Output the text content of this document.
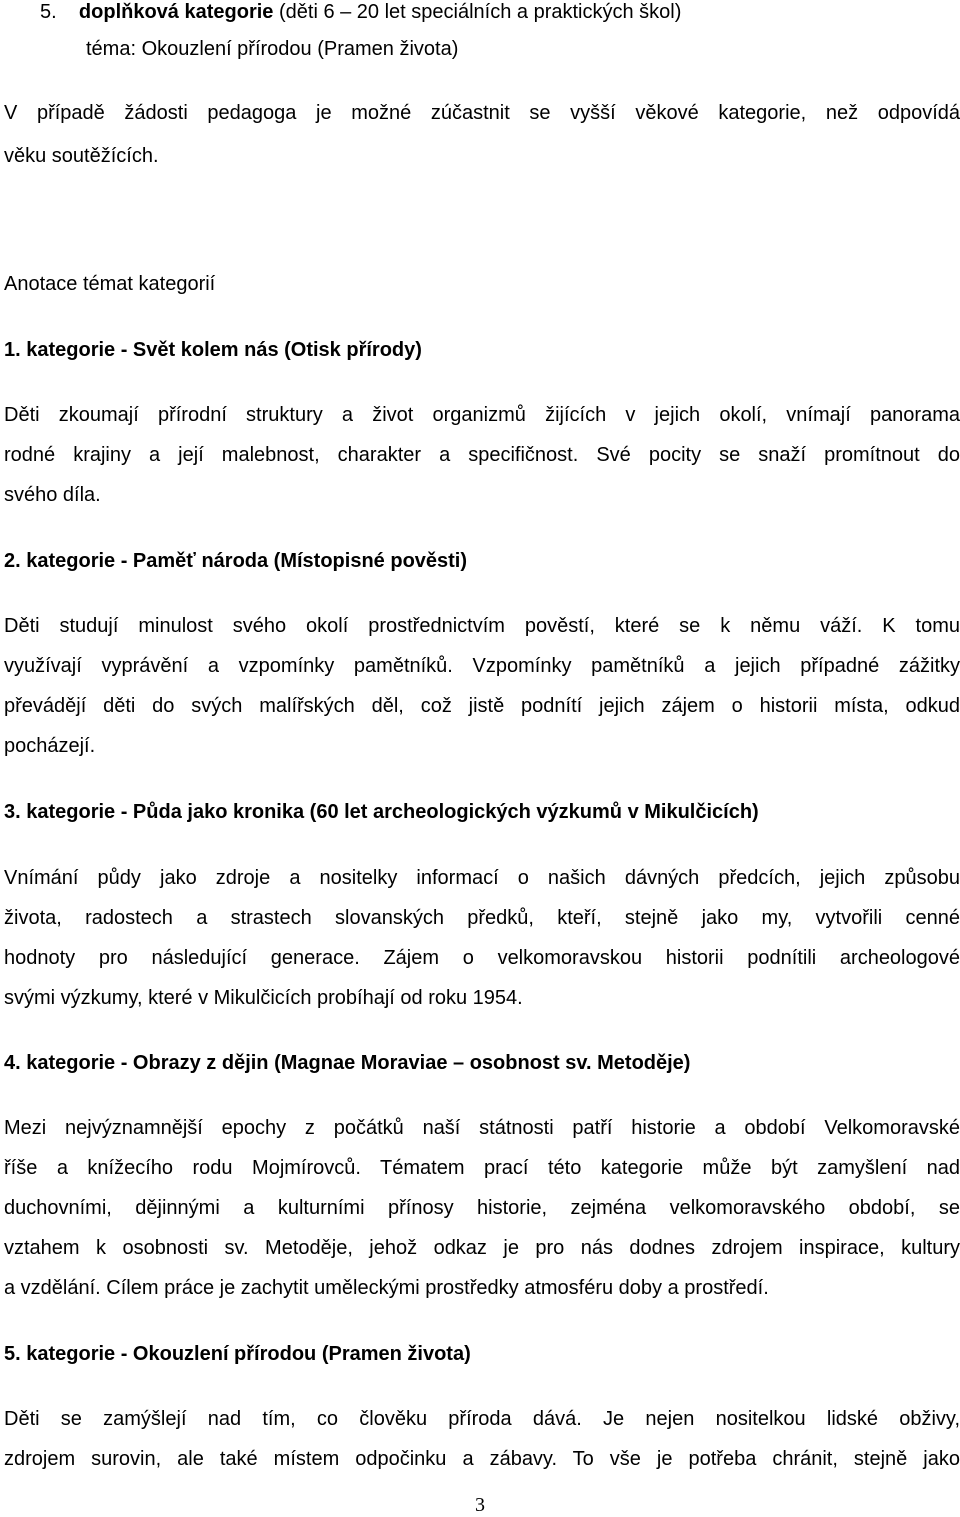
5. doplňková kategorie (děti 6 – 20 let speciálních a praktických škol)
téma: Okouzlení přírodou (Pramen života)
V případě žádosti pedagoga je možné zúčastnit se vyšší věkové kategorie, než odpovídá
věku soutěžících.
Anotace témat kategorií
1. kategorie - Svět kolem nás (Otisk přírody)
Děti zkoumají přírodní struktury a život organizmů žijících v jejich okolí, vnímají panorama
rodné krajiny a její malebnost, charakter a specifičnost. Své pocity se snaží promítnout do
svého díla.
2. kategorie - Paměť národa (Místopisné pověsti)
Děti studují minulost svého okolí prostřednictvím pověstí, které se k němu váží. K tomu
využívají vyprávění a vzpomínky pamětníků. Vzpomínky pamětníků a jejich případné zážitky
převádějí děti do svých malířských děl, což jistě podnítí jejich zájem o historii místa, odkud
pocházejí.
3. kategorie - Půda jako kronika (60 let archeologických výzkumů v Mikulčicích)
Vnímání půdy jako zdroje a nositelky informací o našich dávných předcích, jejich způsobu
života, radostech a strastech slovanských předků, kteří, stejně jako my, vytvořili cenné
hodnoty pro následující generace. Zájem o velkomoravskou historii podnítili archeologové
svými výzkumy, které v Mikulčicích probíhají od roku 1954.
4. kategorie - Obrazy z dějin (Magnae Moraviae – osobnost sv. Metoděje)
Mezi nejvýznamnější epochy z počátků naší státnosti patří historie a období Velkomoravské
říše a knížecího rodu Mojmírovců. Tématem prací této kategorie může být zamyšlení nad
duchovními, dějinnými a kulturními přínosy historie, zejména velkomoravského období, se
vztahem k osobnosti sv. Metoděje, jehož odkaz je pro nás dodnes zdrojem inspirace, kultury
a vzdělání. Cílem práce je zachytit uměleckými prostředky atmosféru doby a prostředí.
5. kategorie - Okouzlení přírodou (Pramen života)
Děti se zamýšlejí nad tím, co člověku příroda dává. Je nejen nositelkou lidské obživy,
zdrojem surovin, ale také místem odpočinku a zábavy. To vše je potřeba chránit, stejně jako
3
